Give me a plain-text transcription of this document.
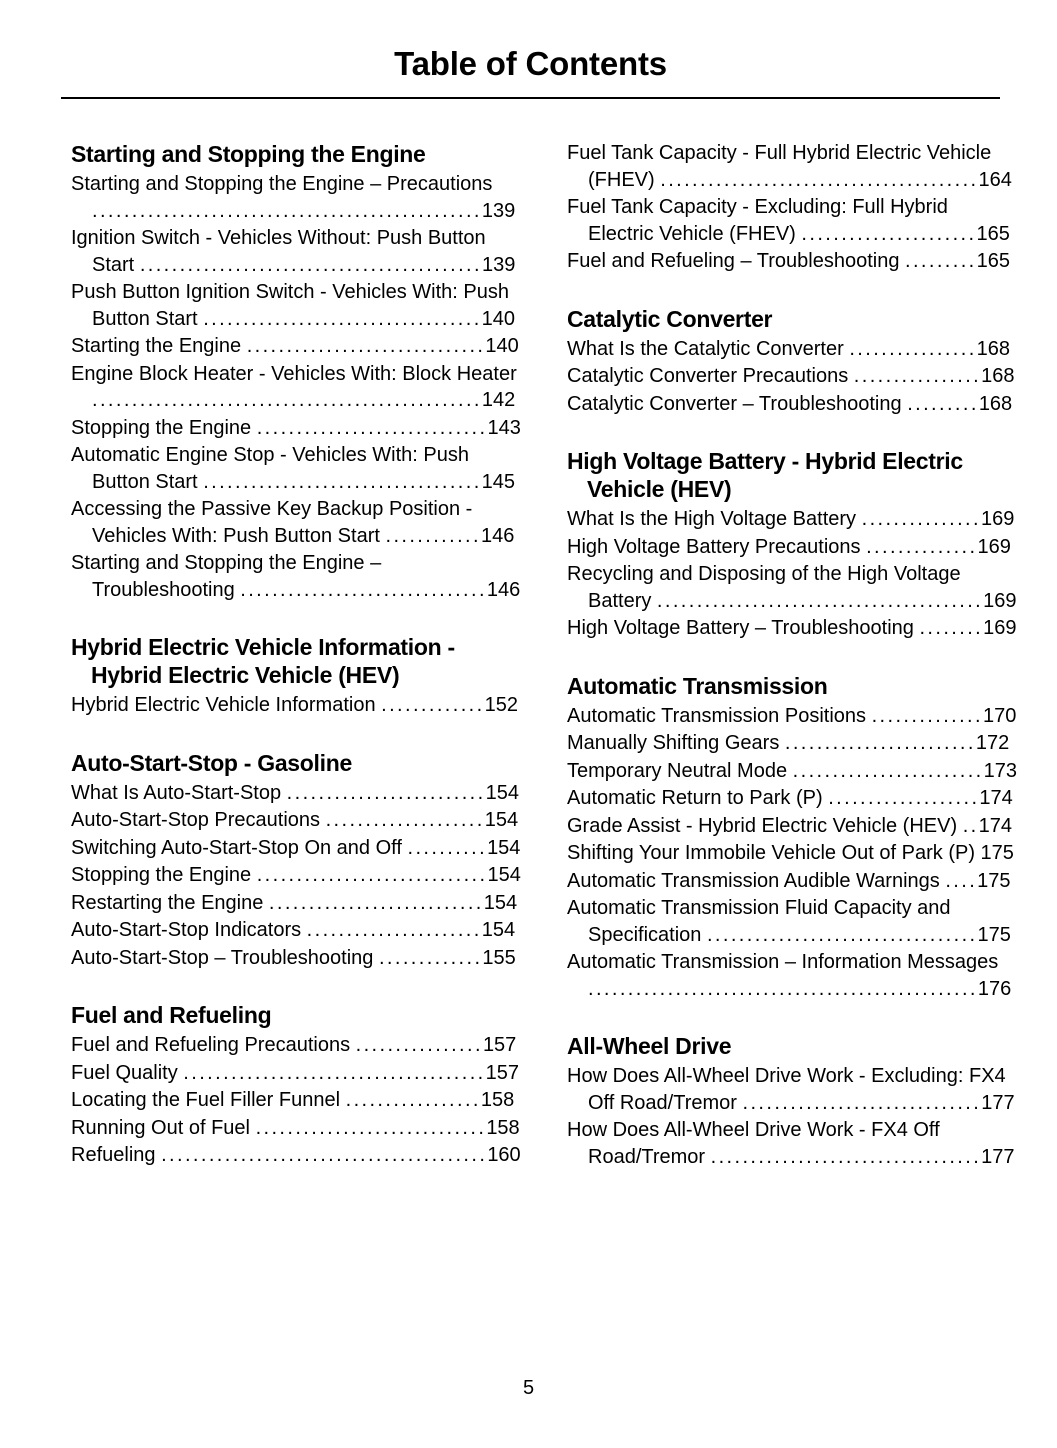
Table of Contents
Starting and Stopping the Engine
Starting and Stopping the Engine – Precautions .................................................139
Ignition Switch - Vehicles Without: Push Button Start ...........................................139
Push Button Ignition Switch - Vehicles With: Push Button Start ...................................140
Starting the Engine ..............................140
Engine Block Heater - Vehicles With: Block Heater .................................................142
Stopping the Engine .............................143
Automatic Engine Stop - Vehicles With: Push Button Start ...................................145
Accessing the Passive Key Backup Position - Vehicles With: Push Button Start ............146
Starting and Stopping the Engine – Troubleshooting ...............................146
Hybrid Electric Vehicle Information - Hybrid Electric Vehicle (HEV)
Hybrid Electric Vehicle Information .............152
Auto-Start-Stop - Gasoline
What Is Auto-Start-Stop .........................154
Auto-Start-Stop Precautions ....................154
Switching Auto-Start-Stop On and Off ..........154
Stopping the Engine .............................154
Restarting the Engine ...........................154
Auto-Start-Stop Indicators ......................154
Auto-Start-Stop – Troubleshooting .............155
Fuel and Refueling
Fuel and Refueling Precautions ................157
Fuel Quality ......................................157
Locating the Fuel Filler Funnel .................158
Running Out of Fuel .............................158
Refueling .........................................160
Fuel Tank Capacity - Full Hybrid Electric Vehicle (FHEV) ........................................164
Fuel Tank Capacity - Excluding: Full Hybrid Electric Vehicle (FHEV) ......................165
Fuel and Refueling – Troubleshooting .........165
Catalytic Converter
What Is the Catalytic Converter ................168
Catalytic Converter Precautions ................168
Catalytic Converter – Troubleshooting .........168
High Voltage Battery - Hybrid Electric Vehicle (HEV)
What Is the High Voltage Battery ...............169
High Voltage Battery Precautions ..............169
Recycling and Disposing of the High Voltage Battery .........................................169
High Voltage Battery – Troubleshooting ........169
Automatic Transmission
Automatic Transmission Positions ..............170
Manually Shifting Gears ........................172
Temporary Neutral Mode ........................173
Automatic Return to Park (P) ...................174
Grade Assist - Hybrid Electric Vehicle (HEV) ..174
Shifting Your Immobile Vehicle Out of Park (P) 175
Automatic Transmission Audible Warnings ....175
Automatic Transmission Fluid Capacity and Specification ..................................175
Automatic Transmission – Information Messages .................................................176
All-Wheel Drive
How Does All-Wheel Drive Work - Excluding: FX4 Off Road/Tremor ..............................177
How Does All-Wheel Drive Work - FX4 Off Road/Tremor ..................................177
5
